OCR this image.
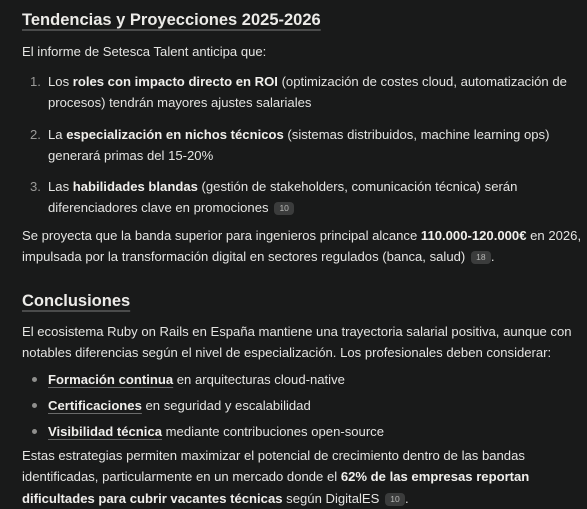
Tendencias y Proyecciones 2025-2026

El informe de Setesca Talent anticipa que:

1. Los roles con impacto directo en ROI (optimización de costes cloud, automatización de procesos) tendrán mayores ajustes salariales
2. La especialización en nichos técnicos (sistemas distribuidos, machine learning ops) generará primas del 15-20%
3. Las habilidades blandas (gestión de stakeholders, comunicación técnica) serán diferenciadores clave en promociones 10

Se proyecta que la banda superior para ingenieros principal alcance 110.000-120.000€ en 2026, impulsada por la transformación digital en sectores regulados (banca, salud) 18 .

Conclusiones

El ecosistema Ruby on Rails en España mantiene una trayectoria salarial positiva, aunque con notables diferencias según el nivel de especialización. Los profesionales deben considerar:

Formación continua en arquitecturas cloud-native
Certificaciones en seguridad y escalabilidad
Visibilidad técnica mediante contribuciones open-source

Estas estrategias permiten maximizar el potencial de crecimiento dentro de las bandas identificadas, particularmente en un mercado donde el 62% de las empresas reportan dificultades para cubrir vacantes técnicas según DigitalES 10 .
